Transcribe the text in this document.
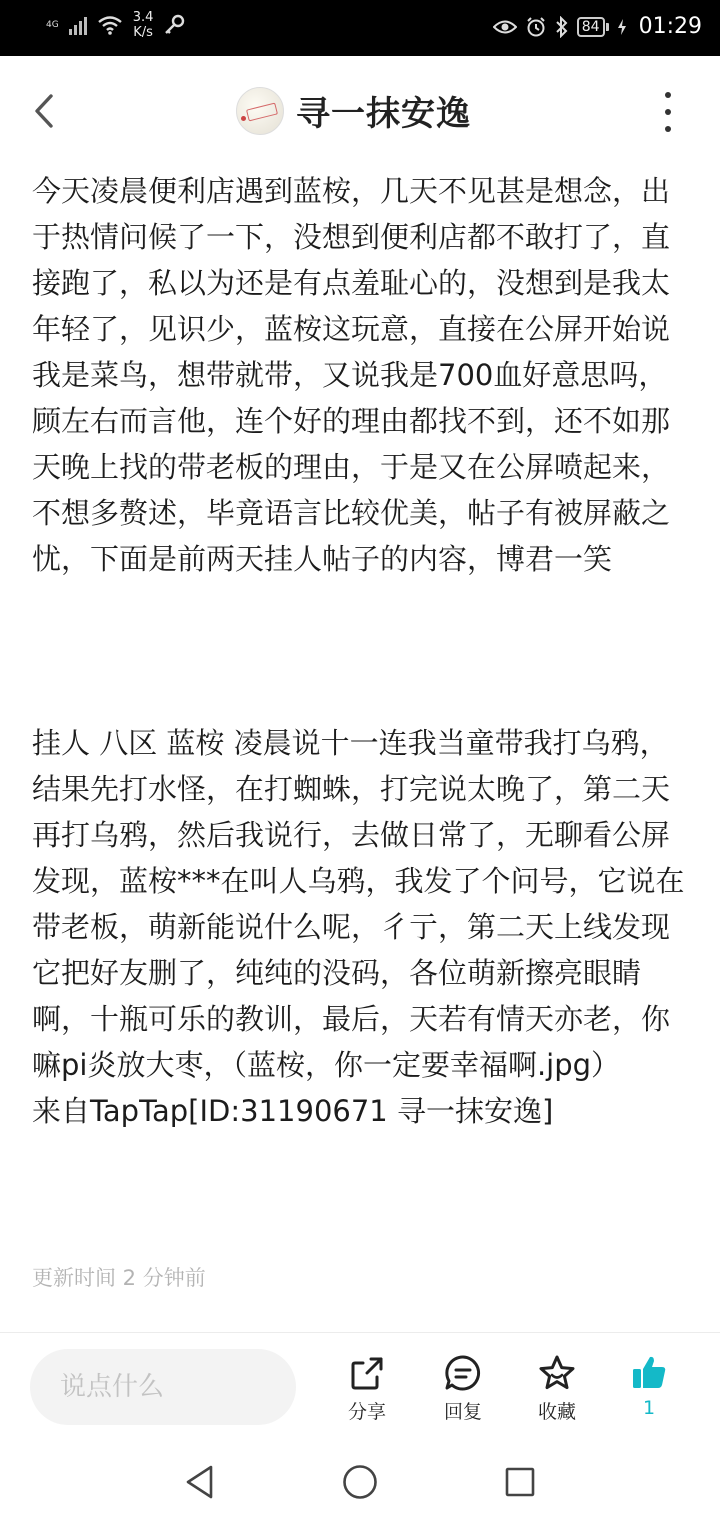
4G	3.4
K/s	84 01:29
寻一抹安逸

今天凌晨便利店遇到蓝桉，几天不见甚是想念，出于热情问候了一下，没想到便利店都不敢打了，直接跑了，私以为还是有点羞耻心的，没想到是我太年轻了，见识少，蓝桉这玩意，直接在公屏开始说我是菜鸟，想带就带，又说我是700血好意思吗，顾左右而言他，连个好的理由都找不到，还不如那天晚上找的带老板的理由，于是又在公屏喷起来，不想多赘述，毕竟语言比较优美，帖子有被屏蔽之忧，下面是前两天挂人帖子的内容，博君一笑

挂人 八区 蓝桉 凌晨说十一连我当童带我打乌鸦，结果先打水怪，在打蜘蛛，打完说太晚了，第二天再打乌鸦，然后我说行，去做日常了，无聊看公屏发现，蓝桉***在叫人乌鸦，我发了个问号，它说在带老板，萌新能说什么呢，彳亍，第二天上线发现它把好友删了，纯纯的没码，各位萌新擦亮眼睛啊，十瓶可乐的教训，最后，天若有情天亦老，你嘛pi炎放大枣，（蓝桉，你一定要幸福啊.jpg）
来自TapTap[ID:31190671 寻一抹安逸]

更新时间 2 分钟前
说点什么
分享	回复	收藏	1
